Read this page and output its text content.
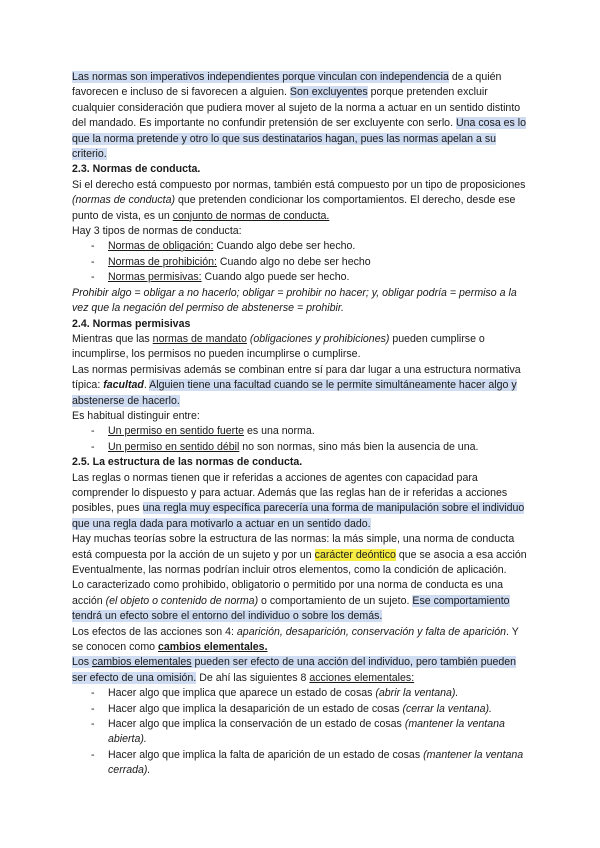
Las normas son imperativos independientes porque vinculan con independencia de a quién favorecen e incluso de si favorecen a alguien. Son excluyentes porque pretenden excluir cualquier consideración que pudiera mover al sujeto de la norma a actuar en un sentido distinto del mandado. Es importante no confundir pretensión de ser excluyente con serlo. Una cosa es lo que la norma pretende y otro lo que sus destinatarios hagan, pues las normas apelan a su criterio.

2.3. Normas de conducta.

Si el derecho está compuesto por normas, también está compuesto por un tipo de proposiciones (normas de conducta) que pretenden condicionar los comportamientos. El derecho, desde ese punto de vista, es un conjunto de normas de conducta.

Hay 3 tipos de normas de conducta:

- Normas de obligación: Cuando algo debe ser hecho.
- Normas de prohibición: Cuando algo no debe ser hecho
- Normas permisivas: Cuando algo puede ser hecho.

Prohibir algo = obligar a no hacerlo; obligar = prohibir no hacer; y, obligar podría = permiso a la vez que la negación del permiso de abstenerse = prohibir.

2.4. Normas permisivas

Mientras que las normas de mandato (obligaciones y prohibiciones) pueden cumplirse o incumplirse, los permisos no pueden incumplirse o cumplirse.

Las normas permisivas además se combinan entre sí para dar lugar a una estructura normativa típica: facultad. Alguien tiene una facultad cuando se le permite simultáneamente hacer algo y abstenerse de hacerlo.

Es habitual distinguir entre:

- Un permiso en sentido fuerte es una norma.
- Un permiso en sentido débil no son normas, sino más bien la ausencia de una.

2.5. La estructura de las normas de conducta.

Las reglas o normas tienen que ir referidas a acciones de agentes con capacidad para comprender lo dispuesto y para actuar. Además que las reglas han de ir referidas a acciones posibles, pues una regla muy específica parecería una forma de manipulación sobre el individuo que una regla dada para motivarlo a actuar en un sentido dado.

Hay muchas teorías sobre la estructura de las normas: la más simple, una norma de conducta está compuesta por la acción de un sujeto y por un carácter deóntico que se asocia a esa acción Eventualmente, las normas podrían incluir otros elementos, como la condición de aplicación.

Lo caracterizado como prohibido, obligatorio o permitido por una norma de conducta es una acción (el objeto o contenido de norma) o comportamiento de un sujeto. Ese comportamiento tendrá un efecto sobre el entorno del individuo o sobre los demás.

Los efectos de las acciones son 4: aparición, desaparición, conservación y falta de aparición. Y se conocen como cambios elementales.

Los cambios elementales pueden ser efecto de una acción del individuo, pero también pueden ser efecto de una omisión. De ahí las siguientes 8 acciones elementales:

- Hacer algo que implica que aparece un estado de cosas (abrir la ventana).
- Hacer algo que implica la desaparición de un estado de cosas (cerrar la ventana).
- Hacer algo que implica la conservación de un estado de cosas (mantener la ventana abierta).
- Hacer algo que implica la falta de aparición de un estado de cosas (mantener la ventana cerrada).
